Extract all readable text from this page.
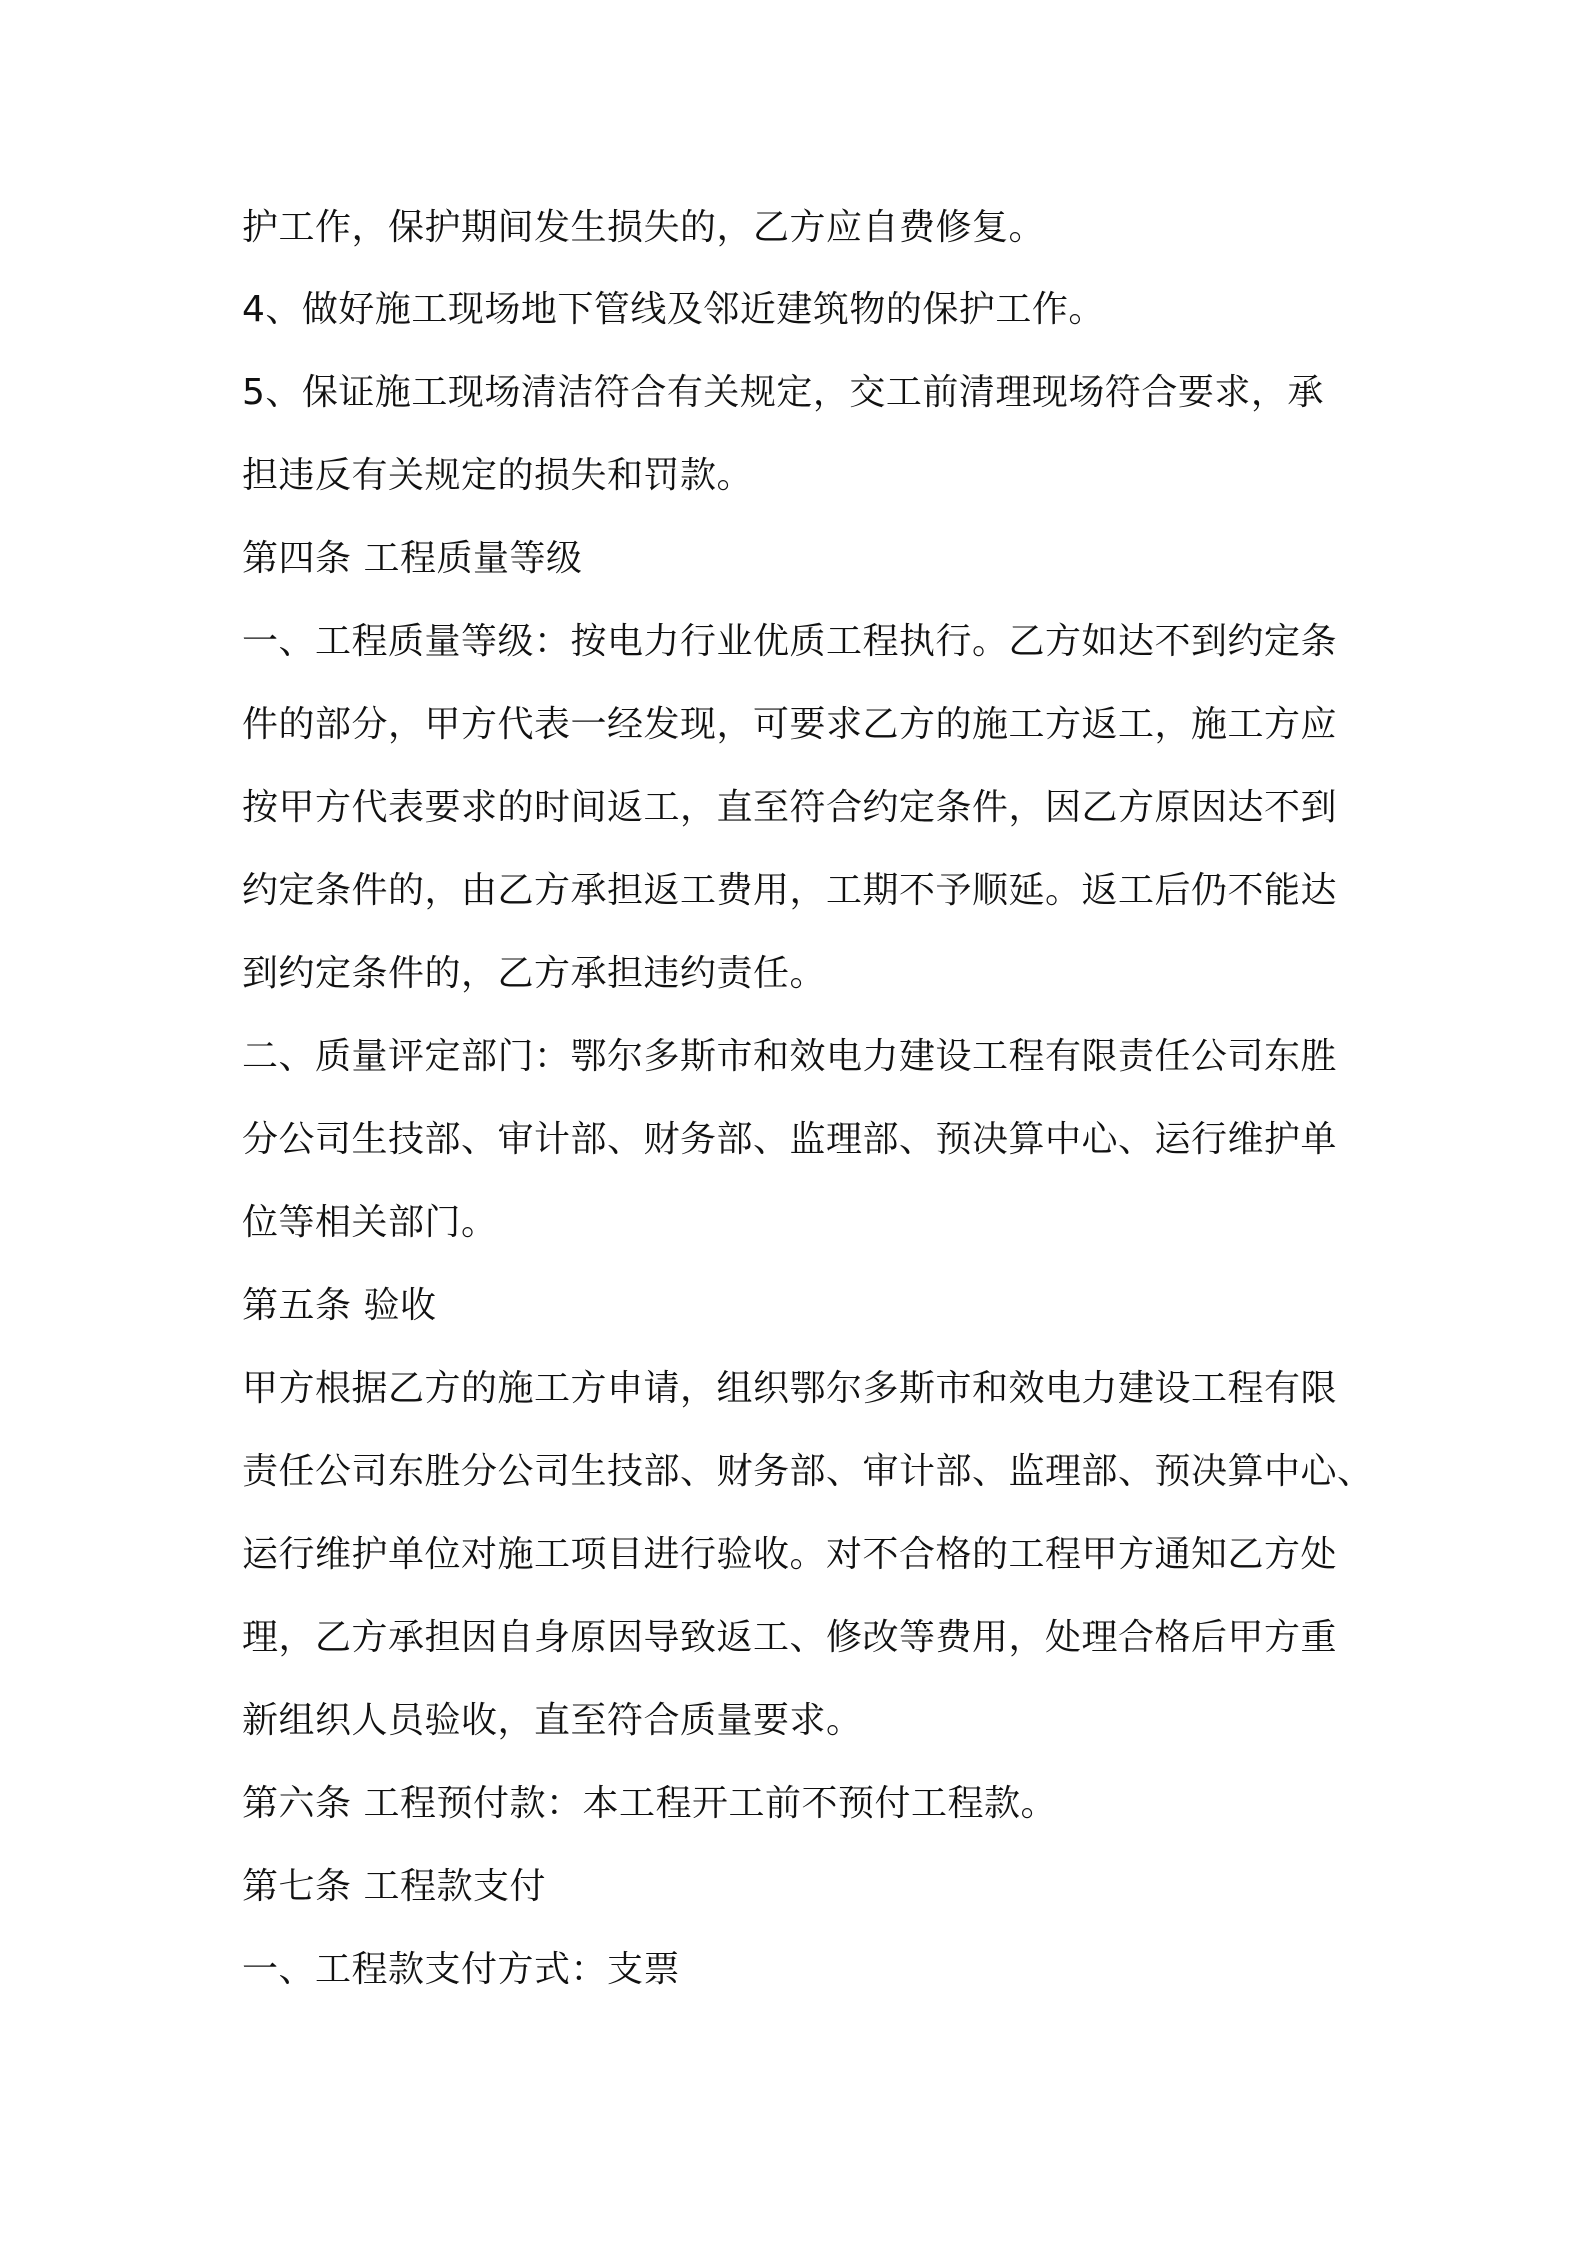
护工作，保护期间发生损失的，乙方应自费修复。
4、做好施工现场地下管线及邻近建筑物的保护工作。
5、保证施工现场清洁符合有关规定，交工前清理现场符合要求，承
担违反有关规定的损失和罚款。
第四条 工程质量等级
一、工程质量等级：按电力行业优质工程执行。乙方如达不到约定条
件的部分，甲方代表一经发现，可要求乙方的施工方返工，施工方应
按甲方代表要求的时间返工，直至符合约定条件，因乙方原因达不到
约定条件的，由乙方承担返工费用，工期不予顺延。返工后仍不能达
到约定条件的，乙方承担违约责任。
二、质量评定部门：鄂尔多斯市和效电力建设工程有限责任公司东胜
分公司生技部、审计部、财务部、监理部、预决算中心、运行维护单
位等相关部门。
第五条 验收
甲方根据乙方的施工方申请，组织鄂尔多斯市和效电力建设工程有限
责任公司东胜分公司生技部、财务部、审计部、监理部、预决算中心、
运行维护单位对施工项目进行验收。对不合格的工程甲方通知乙方处
理，乙方承担因自身原因导致返工、修改等费用，处理合格后甲方重
新组织人员验收，直至符合质量要求。
第六条 工程预付款：本工程开工前不预付工程款。
第七条 工程款支付
一、工程款支付方式：支票
